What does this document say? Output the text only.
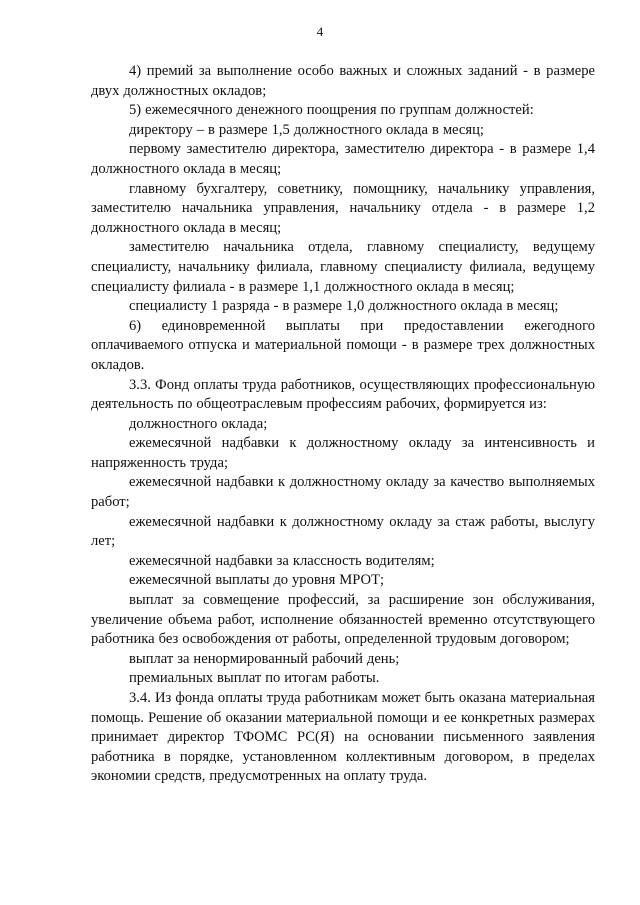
4

4) премий за выполнение особо важных и сложных заданий - в размере двух должностных окладов;

5) ежемесячного денежного поощрения по группам должностей:

директору – в размере 1,5 должностного оклада в месяц;

первому заместителю директора, заместителю директора - в размере 1,4 должностного оклада в месяц;

главному бухгалтеру, советнику, помощнику, начальнику управления, заместителю начальника управления, начальнику отдела - в размере 1,2 должностного оклада в месяц;

заместителю начальника отдела, главному специалисту, ведущему специалисту, начальнику филиала, главному специалисту филиала, ведущему специалисту филиала - в размере 1,1 должностного оклада в месяц;

специалисту 1 разряда - в размере 1,0 должностного оклада в месяц;

6) единовременной выплаты при предоставлении ежегодного оплачиваемого отпуска и материальной помощи - в размере трех должностных окладов.

3.3. Фонд оплаты труда работников, осуществляющих профессиональную деятельность по общеотраслевым профессиям рабочих, формируется из:

должностного оклада;

ежемесячной надбавки к должностному окладу за интенсивность и напряженность труда;

ежемесячной надбавки к должностному окладу за качество выполняемых работ;

ежемесячной надбавки к должностному окладу за стаж работы, выслугу лет;

ежемесячной надбавки за классность водителям;

ежемесячной выплаты до уровня МРОТ;

выплат за совмещение профессий, за расширение зон обслуживания, увеличение объема работ, исполнение обязанностей временно отсутствующего работника без освобождения от работы, определенной трудовым договором;

выплат за ненормированный рабочий день;

премиальных выплат по итогам работы.

3.4. Из фонда оплаты труда работникам может быть оказана материальная помощь. Решение об оказании материальной помощи и ее конкретных размерах принимает директор ТФОМС РС(Я) на основании письменного заявления работника в порядке, установленном коллективным договором, в пределах экономии средств, предусмотренных на оплату труда.
